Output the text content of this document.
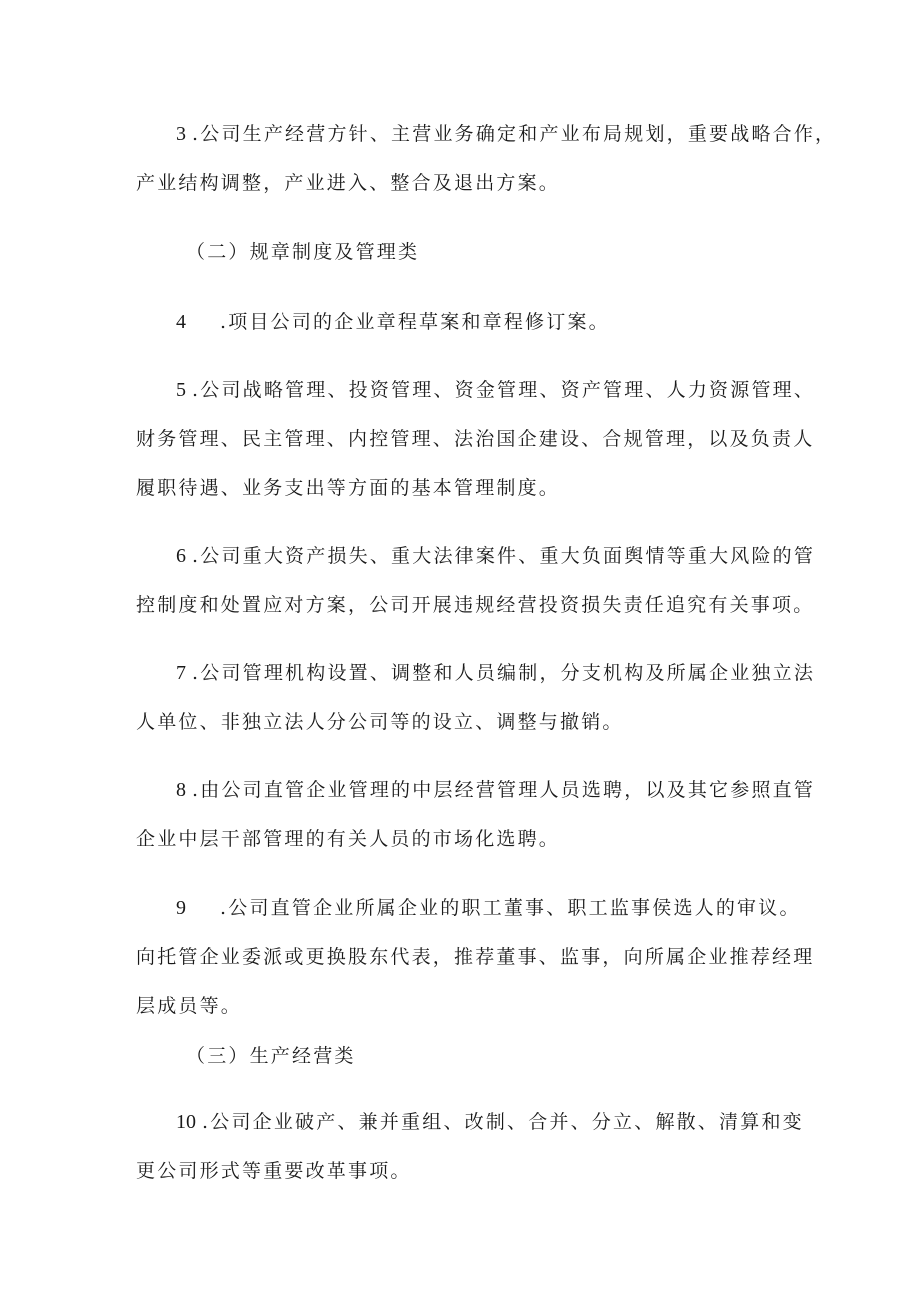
3 .公司生产经营方针、主营业务确定和产业布局规划，重要战略合作，
产业结构调整，产业进入、整合及退出方案。
（二）规章制度及管理类
4 .项目公司的企业章程草案和章程修订案。
5 .公司战略管理、投资管理、资金管理、资产管理、人力资源管理、
财务管理、民主管理、内控管理、法治国企建设、合规管理，以及负责人
履职待遇、业务支出等方面的基本管理制度。
6 .公司重大资产损失、重大法律案件、重大负面舆情等重大风险的管
控制度和处置应对方案，公司开展违规经营投资损失责任追究有关事项。
7 .公司管理机构设置、调整和人员编制，分支机构及所属企业独立法
人单位、非独立法人分公司等的设立、调整与撤销。
8 .由公司直管企业管理的中层经营管理人员选聘，以及其它参照直管
企业中层干部管理的有关人员的市场化选聘。
9 .公司直管企业所属企业的职工董事、职工监事侯选人的审议。
向托管企业委派或更换股东代表，推荐董事、监事，向所属企业推荐经理
层成员等。
（三）生产经营类
10 .公司企业破产、兼并重组、改制、合并、分立、解散、清算和变
更公司形式等重要改革事项。
